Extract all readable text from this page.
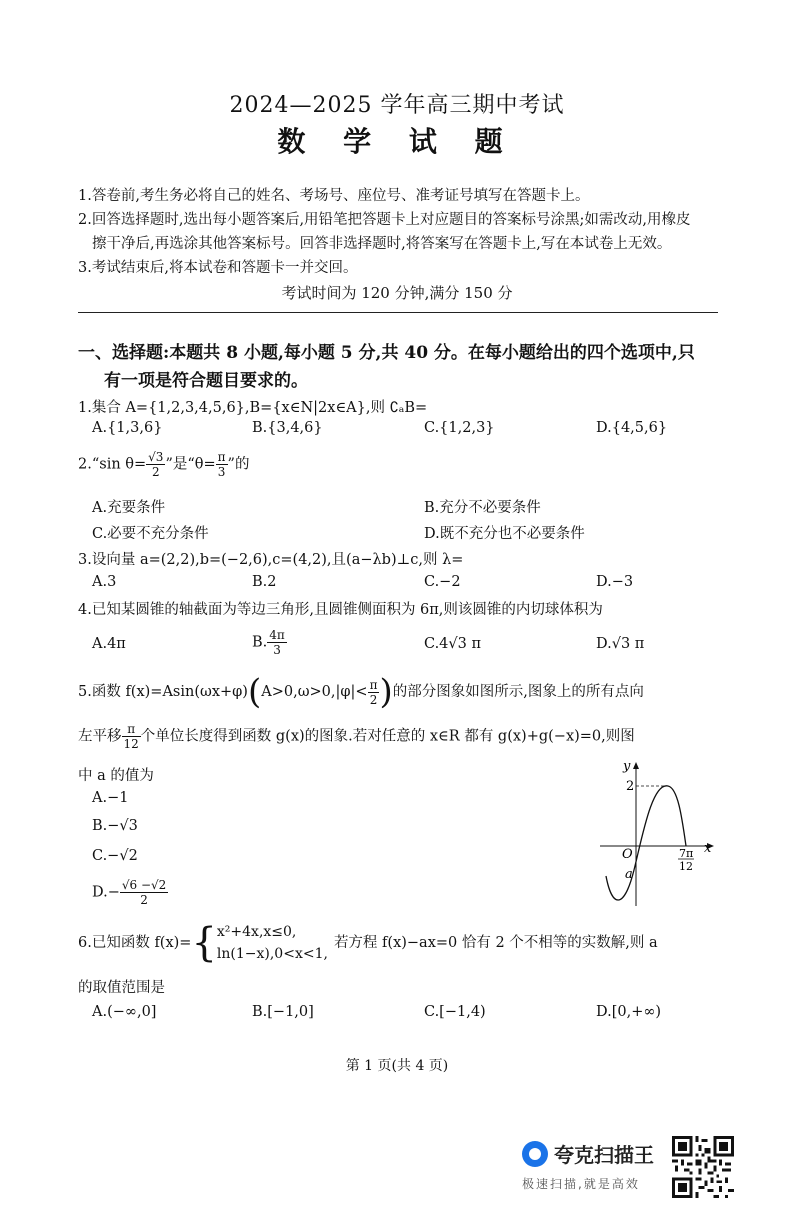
2024—2025 学年高三期中考试
数 学 试 题
1.答卷前,考生务必将自己的姓名、考场号、座位号、准考证号填写在答题卡上。
2.回答选择题时,选出每小题答案后,用铅笔把答题卡上对应题目的答案标号涂黑;如需改动,用橡皮
擦干净后,再选涂其他答案标号。回答非选择题时,将答案写在答题卡上,写在本试卷上无效。
3.考试结束后,将本试卷和答题卡一并交回。
考试时间为 120 分钟,满分 150 分
一、选择题:本题共 8 小题,每小题 5 分,共 40 分。在每小题给出的四个选项中,只
有一项是符合题目要求的。
1.集合 A={1,2,3,4,5,6},B={x∈N|2x∈A},则 ∁ₐB=
A.{1,3,6}	B.{3,4,6}	C.{1,2,3}	D.{4,5,6}
2.“sin $\theta= \frac{√3}{2}$ ”是“$\theta= \frac{\pi}{3}$ ”的
A.充要条件	B.充分不必要条件
C.必要不充分条件	D.既不充分也不必要条件
3.设向量 a=(2,2),b=(−2,6),c=(4,2),且(a−λb)⊥c,则 λ=
A.3	B.2	C.−2	D.−3
4.已知某圆锥的轴截面为等边三角形,且圆锥侧面积为 6π,则该圆锥的内切球体积为
A.4π	B. $\frac{4\pi}{3}$	C.4√3 π	D.√3 π
5.函数 $f(x)=Asin(\omega x+\varphi)(A>0,\omega>0,|\varphi|< \frac{\pi}{2}$ )的部分图象如图所示,图象上的所有点向
左平移 $\frac{\pi}{12}$ 个单位长度得到函数 g(x)的图象.若对任意的 x∈R 都有 g(x)+g(−x)=0,则图
中 a 的值为
A.−1
B.−√3
C.−√2
$D.- \frac{√6 -√2}{2}$
y
x
O
2
a
7π
12
6.已知函数 f(x)={ x²+4x,x≤0,
ln(1−x),0<x<1,
若方程 f(x)−ax=0 恰有 2 个不相等的实数解,则 a
的取值范围是
A.(−∞,0]	B.[−1,0]	C.[−1,4)	D.[0,+∞)
第 1 页(共 4 页)
夸克扫描王
极速扫描,就是高效
